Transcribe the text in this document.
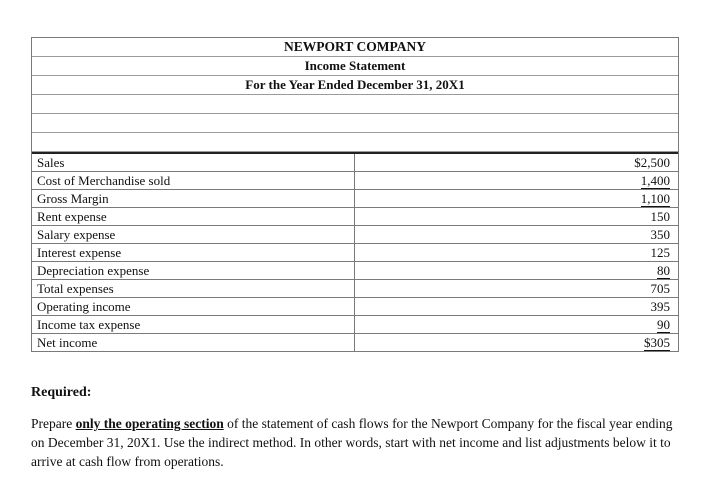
NEWPORT COMPANY
Income Statement
For the Year Ended December 31, 20X1
Sales	$2,500
Cost of Merchandise sold	1,400
Gross Margin	1,100
Rent expense	150
Salary expense	350
Interest expense	125
Depreciation expense	80
Total expenses	705
Operating income	395
Income tax expense	90
Net income	$305
Required:
Prepare only the operating section of the statement of cash flows for the Newport Company for the fiscal year ending on December 31, 20X1. Use the indirect method. In other words, start with net income and list adjustments below it to arrive at cash flow from operations.
